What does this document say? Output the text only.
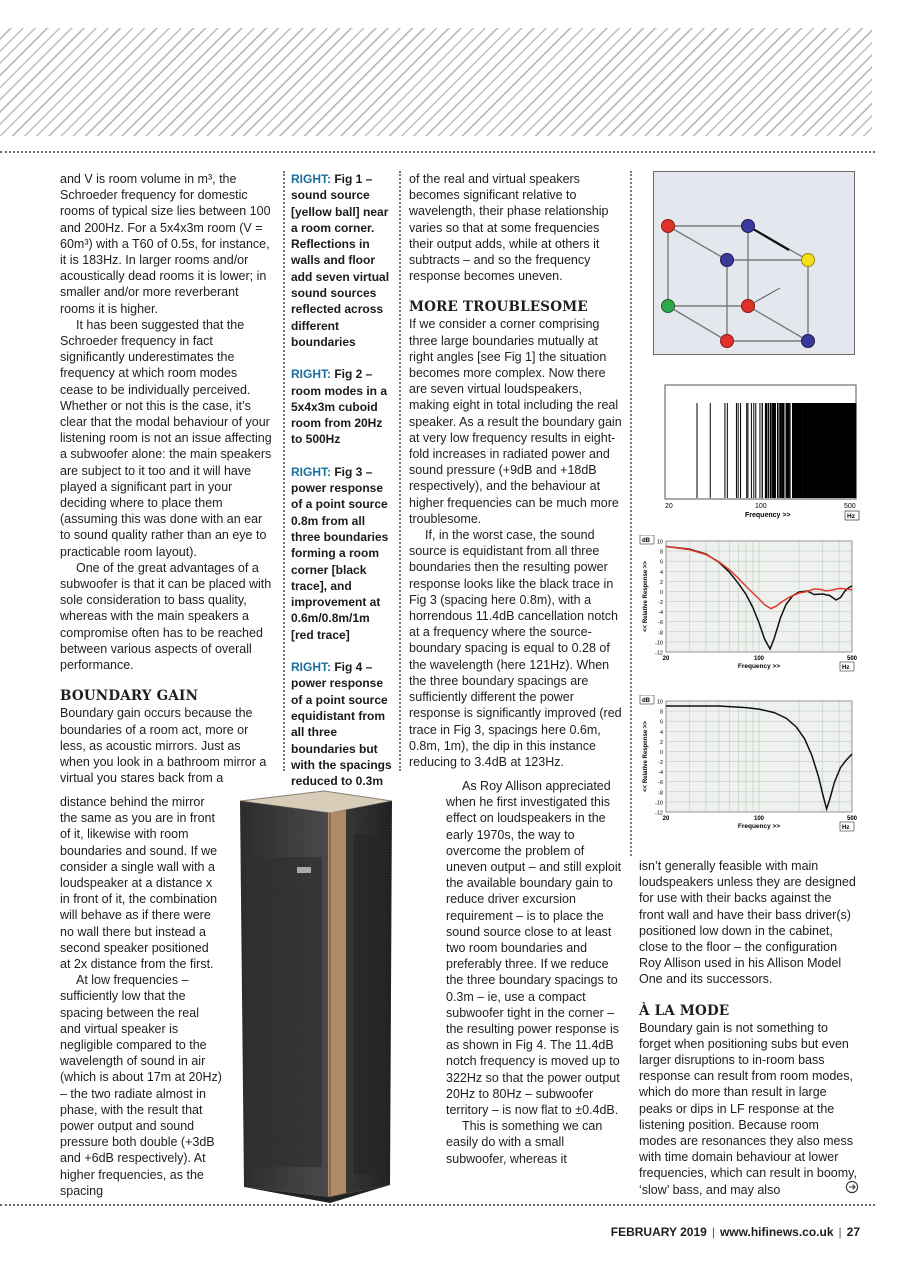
and V is room volume in m³, the Schroeder frequency for domestic rooms of typical size lies between 100 and 200Hz. For a 5x4x3m room (V = 60m³) with a T60 of 0.5s, for instance, it is 183Hz. In larger rooms and/or acoustically dead rooms it is lower; in smaller and/or more reverberant rooms it is higher.

It has been suggested that the Schroeder frequency in fact significantly underestimates the frequency at which room modes cease to be individually perceived. Whether or not this is the case, it’s clear that the modal behaviour of your listening room is not an issue affecting a subwoofer alone: the main speakers are subject to it too and it will have played a significant part in your deciding where to place them (assuming this was done with an ear to sound quality rather than an eye to practicable room layout).

One of the great advantages of a subwoofer is that it can be placed with sole consideration to bass quality, whereas with the main speakers a compromise often has to be reached between various aspects of overall performance.

BOUNDARY GAIN

Boundary gain occurs because the boundaries of a room act, more or less, as acoustic mirrors. Just as when you look in a bathroom mirror a virtual you stares back from a

distance behind the mirror the same as you are in front of it, likewise with room boundaries and sound. If we consider a single wall with a loudspeaker at a distance x in front of it, the combination will behave as if there were no wall there but instead a second speaker positioned at 2x distance from the first.

At low frequencies – sufficiently low that the spacing between the real and virtual speaker is negligible compared to the wavelength of sound in air (which is about 17m at 20Hz) – the two radiate almost in phase, with the result that power output and sound pressure both double (+3dB and +6dB respectively). At higher frequencies, as the spacing

RIGHT: Fig 1 – sound source [yellow ball] near a room corner. Reflections in walls and floor add seven virtual sound sources reflected across different boundaries

RIGHT: Fig 2 – room modes in a 5x4x3m cuboid room from 20Hz to 500Hz

RIGHT: Fig 3 – power response of a point source 0.8m from all three boundaries forming a room corner [black trace], and improvement at 0.6m/0.8m/1m [red trace]

RIGHT: Fig 4 – power response of a point source equidistant from all three boundaries but with the spacings reduced to 0.3m

of the real and virtual speakers becomes significant relative to wavelength, their phase relationship varies so that at some frequencies their output adds, while at others it subtracts – and so the frequency response becomes uneven.

MORE TROUBLESOME

If we consider a corner comprising three large boundaries mutually at right angles [see Fig 1] the situation becomes more complex. Now there are seven virtual loudspeakers, making eight in total including the real speaker. As a result the boundary gain at very low frequency results in eight-fold increases in radiated power and sound pressure (+9dB and +18dB respectively), and the behaviour at higher frequencies can be much more troublesome.

If, in the worst case, the sound source is equidistant from all three boundaries then the resulting power response looks like the black trace in Fig 3 (spacing here 0.8m), with a horrendous 11.4dB cancellation notch at a frequency where the source-boundary spacing is equal to 0.28 of the wavelength (here 121Hz). When the three boundary spacings are sufficiently different the power response is significantly improved (red trace in Fig 3, spacings here 0.6m, 0.8m, 1m), the dip in this instance reducing to 3.4dB at 123Hz.

As Roy Allison appreciated when he first investigated this effect on loudspeakers in the early 1970s, the way to overcome the problem of uneven output – and still exploit the available boundary gain to reduce driver excursion requirement – is to place the sound source close to at least two room boundaries and preferably three. If we reduce the three boundary spacings to 0.3m – ie, use a compact subwoofer tight in the corner – the resulting power response is as shown in Fig 4. The 11.4dB notch frequency is moved up to 322Hz so that the power output 20Hz to 80Hz – subwoofer territory – is now flat to ±0.4dB.

This is something we can easily do with a small subwoofer, whereas it

isn’t generally feasible with main loudspeakers unless they are designed for use with their backs against the front wall and have their bass driver(s) positioned low down in the cabinet, close to the floor – the configuration Roy Allison used in his Allison Model One and its successors.

À LA MODE

Boundary gain is not something to forget when positioning subs but even larger disruptions to in-room bass response can result from room modes, which do more than result in large peaks or dips in LF response at the listening position. Because room modes are resonances they also mess with time domain behaviour at lower frequencies, which can result in boomy, ‘slow’ bass, and may also

20	100	500
Frequency >>	Hz
10
8
6
4
2
0
-2
-4
-6
-8
-10
-12
20	100	500
Frequency >>	Hz
dB
<< Relative Response >>
10
8
6
4
2
0
-2
-4
-6
-8
-10
-12
20	100	500
Frequency >>	Hz
dB
<< Relative Response >>
FEBRUARY 2019 | www.hifinews.co.uk | 27
